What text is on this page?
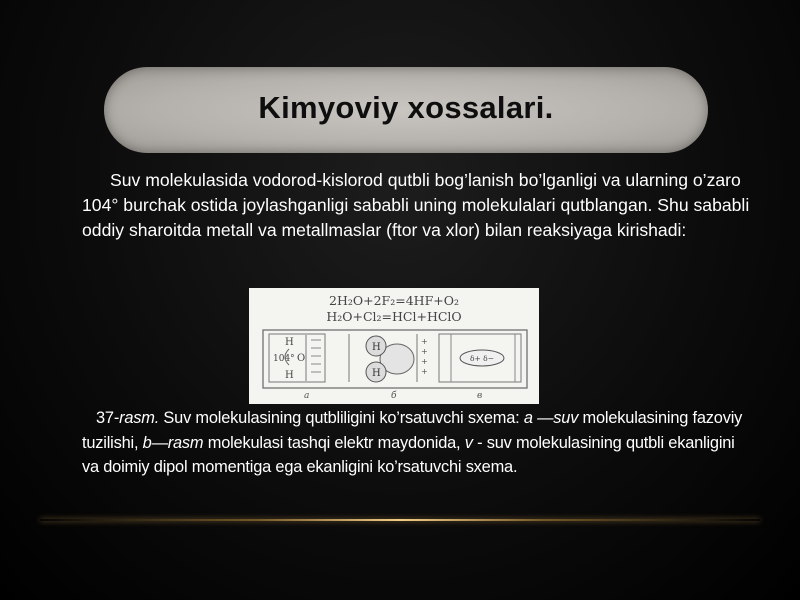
Kimyoviy xossalari.
Suv molekulasida vodorod-kislorod qutbli bog’lanish bo’lganligi va ularning o’zaro 104° burchak ostida joylashganligi sababli uning molekulalari qutblangan. Shu sababli oddiy sharoitda metall va metallmaslar (ftor va xlor) bilan reaksiyaga kirishadi:
2H₂O+2F₂=4HF+O₂
H₂O+Cl₂=HCl+HClO
H
104° O
H
H
H
+
+
+
+
δ+ δ−
a	б	в
37-rasm. Suv molekulasining qutbliligini ko’rsatuvchi sxema: a —suv molekulasining fazoviy tuzilishi, b—rasm molekulasi tashqi elektr maydonida, v - suv molekulasining qutbli ekanligini va doimiy dipol momentiga ega ekanligini ko’rsatuvchi sxema.
